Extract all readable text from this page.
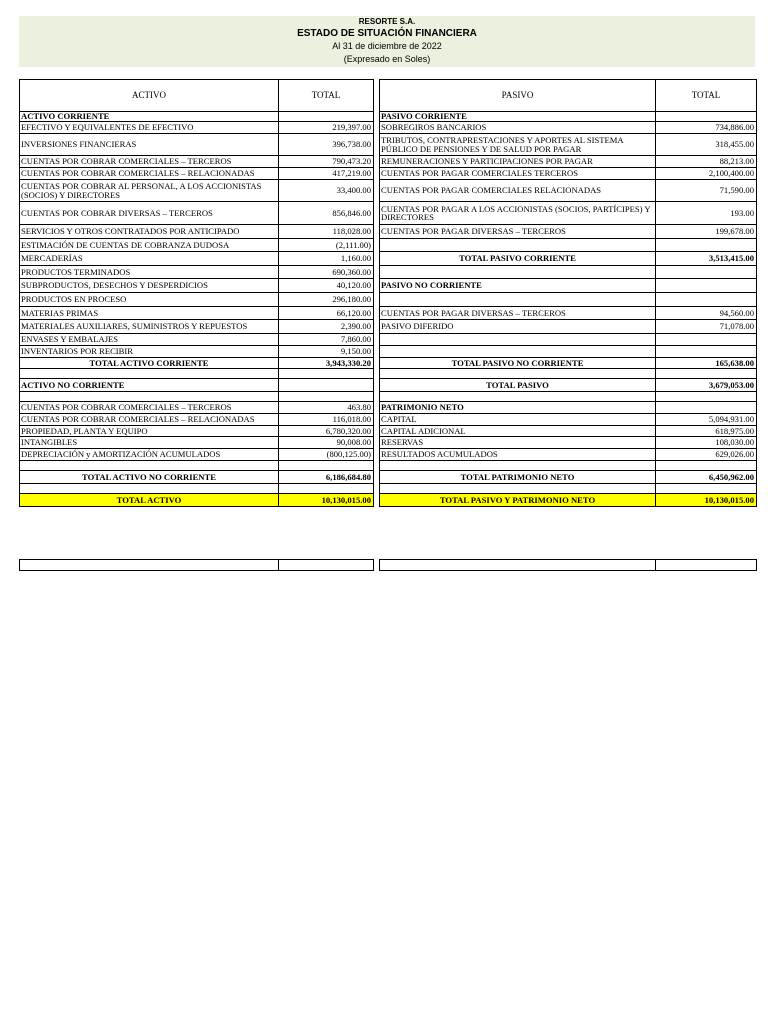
RESORTE S.A.
ESTADO DE SITUACIÓN FINANCIERA
Al 31 de diciembre de 2022
(Expresado en Soles)
ACTIVO	TOTAL
ACTIVO CORRIENTE	
EFECTIVO Y EQUIVALENTES DE EFECTIVO	219,397.00
INVERSIONES FINANCIERAS	396,738.00
CUENTAS POR COBRAR COMERCIALES – TERCEROS	790,473.20
CUENTAS POR COBRAR COMERCIALES – RELACIONADAS	417,219.00
CUENTAS POR COBRAR AL PERSONAL, A LOS ACCIONISTAS (SOCIOS) Y DIRECTORES	33,400.00
CUENTAS POR COBRAR DIVERSAS – TERCEROS	856,846.00
SERVICIOS Y OTROS CONTRATADOS POR ANTICIPADO	118,028.00
ESTIMACIÓN DE CUENTAS DE COBRANZA DUDOSA	(2,111.00)
MERCADERÍAS	1,160.00
PRODUCTOS TERMINADOS	690,360.00
SUBPRODUCTOS, DESECHOS Y DESPERDICIOS	40,120.00
PRODUCTOS EN PROCESO	296,180.00
MATERIAS PRIMAS	66,120.00
MATERIALES AUXILIARES, SUMINISTROS Y REPUESTOS	2,390.00
ENVASES Y EMBALAJES	7,860.00
INVENTARIOS POR RECIBIR	9,150.00
TOTAL ACTIVO CORRIENTE	3,943,330.20

ACTIVO NO CORRIENTE	

CUENTAS POR COBRAR COMERCIALES – TERCEROS	463.80
CUENTAS POR COBRAR COMERCIALES – RELACIONADAS	116,018.00
PROPIEDAD, PLANTA Y EQUIPO	6,780,320.00
INTANGIBLES	90,008.00
DEPRECIACIÓN y AMORTIZACIÓN ACUMULADOS	(800,125.00)

TOTAL ACTIVO NO CORRIENTE	6,186,684.80

TOTAL ACTIVO	10,130,015.00
PASIVO	TOTAL
PASIVO CORRIENTE	
SOBREGIROS BANCARIOS	734,886.00
TRIBUTOS, CONTRAPRESTACIONES Y APORTES AL SISTEMA PÚBLICO DE PENSIONES Y DE SALUD POR PAGAR	318,455.00
REMUNERACIONES Y PARTICIPACIONES POR PAGAR	88,213.00
CUENTAS POR PAGAR COMERCIALES TERCEROS	2,100,400.00
CUENTAS POR PAGAR COMERCIALES RELACIONADAS	71,590.00
CUENTAS POR PAGAR A LOS ACCIONISTAS (SOCIOS, PARTÍCIPES) Y DIRECTORES	193.00
CUENTAS POR PAGAR DIVERSAS – TERCEROS	199,678.00

TOTAL PASIVO CORRIENTE	3,513,415.00

PASIVO NO CORRIENTE	

CUENTAS POR PAGAR DIVERSAS – TERCEROS	94,560.00
PASIVO DIFERIDO	71,078.00

TOTAL PASIVO NO CORRIENTE	165,638.00

TOTAL PASIVO	3,679,053.00

PATRIMONIO NETO	
CAPITAL	5,094,931.00
CAPITAL ADICIONAL	618,975.00
RESERVAS	108,030.00
RESULTADOS ACUMULADOS	629,026.00

TOTAL PATRIMONIO NETO	6,450,962.00

TOTAL PASIVO Y PATRIMONIO NETO	10,130,015.00
